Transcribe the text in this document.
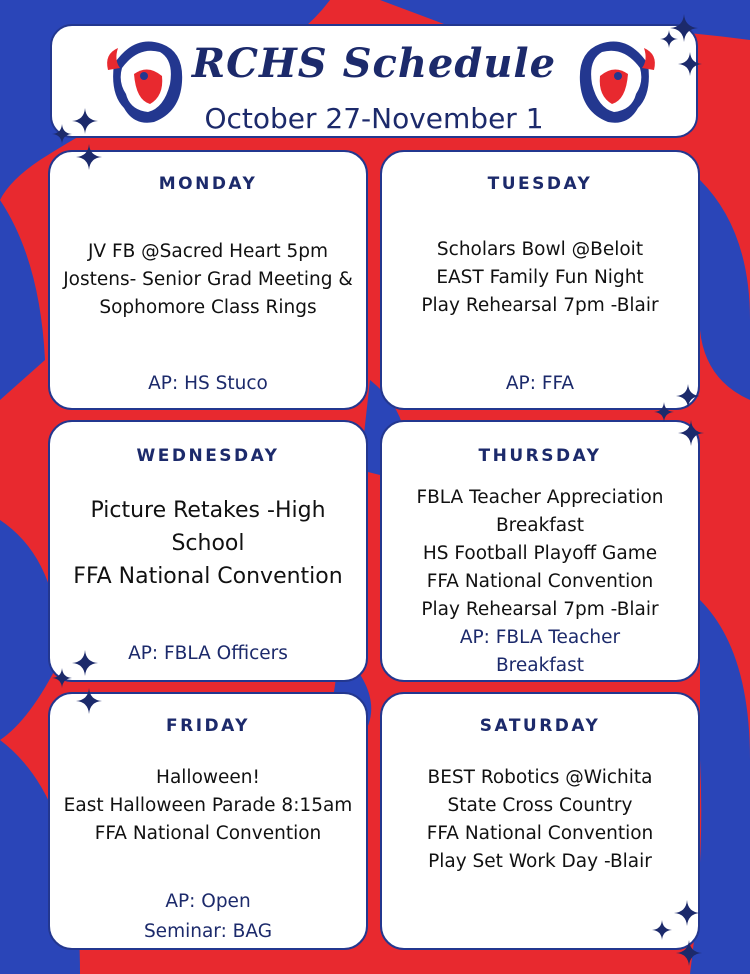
RCHS Schedule
October 27-November 1
MONDAY
JV FB @Sacred Heart 5pm
Jostens- Senior Grad Meeting &
Sophomore Class Rings
AP: HS Stuco
TUESDAY
Scholars Bowl @Beloit
EAST Family Fun Night
Play Rehearsal 7pm -Blair
AP: FFA
WEDNESDAY
Picture Retakes -High
School
FFA National Convention
AP: FBLA Officers
THURSDAY
FBLA Teacher Appreciation
Breakfast
HS Football Playoff Game
FFA National Convention
Play Rehearsal 7pm -Blair
AP: FBLA Teacher
Breakfast
FRIDAY
Halloween!
East Halloween Parade 8:15am
FFA National Convention
AP: Open
Seminar: BAG
SATURDAY
BEST Robotics @Wichita
State Cross Country
FFA National Convention
Play Set Work Day -Blair
